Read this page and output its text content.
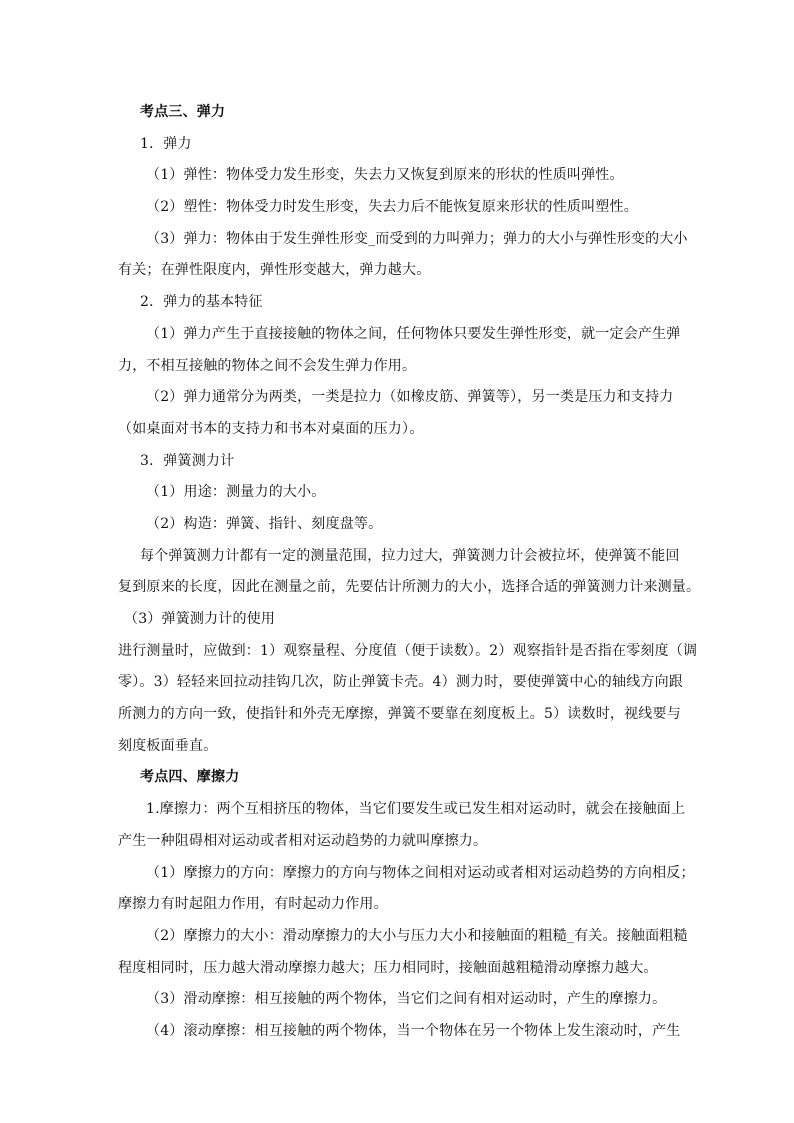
考点三、弹力
1．弹力
（1）弹性：物体受力发生形变，失去力又恢复到原来的形状的性质叫弹性。
（2）塑性：物体受力时发生形变，失去力后不能恢复原来形状的性质叫塑性。
（3）弹力：物体由于发生弹性形变_而受到的力叫弹力；弹力的大小与弹性形变的大小
有关；在弹性限度内，弹性形变越大，弹力越大。
2．弹力的基本特征
（1）弹力产生于直接接触的物体之间，任何物体只要发生弹性形变，就一定会产生弹
力，不相互接触的物体之间不会发生弹力作用。
（2）弹力通常分为两类，一类是拉力（如橡皮筋、弹簧等），另一类是压力和支持力
（如桌面对书本的支持力和书本对桌面的压力）。
3．弹簧测力计
（1）用途：测量力的大小。
（2）构造：弹簧、指针、刻度盘等。
每个弹簧测力计都有一定的测量范围，拉力过大，弹簧测力计会被拉坏，使弹簧不能回
复到原来的长度，因此在测量之前，先要估计所测力的大小，选择合适的弹簧测力计来测量。
（3）弹簧测力计的使用
进行测量时，应做到：1）观察量程、分度值（便于读数）。2）观察指针是否指在零刻度（调
零）。3）轻轻来回拉动挂钩几次，防止弹簧卡壳。4）测力时，要使弹簧中心的轴线方向跟
所测力的方向一致，使指针和外壳无摩擦，弹簧不要靠在刻度板上。5）读数时，视线要与
刻度板面垂直。
考点四、摩擦力
1.摩擦力：两个互相挤压的物体，当它们要发生或已发生相对运动时，就会在接触面上
产生一种阻碍相对运动或者相对运动趋势的力就叫摩擦力。
（1）摩擦力的方向：摩擦力的方向与物体之间相对运动或者相对运动趋势的方向相反；
摩擦力有时起阻力作用，有时起动力作用。
（2）摩擦力的大小：滑动摩擦力的大小与压力大小和接触面的粗糙_有关。接触面粗糙
程度相同时，压力越大滑动摩擦力越大；压力相同时，接触面越粗糙滑动摩擦力越大。
（3）滑动摩擦：相互接触的两个物体，当它们之间有相对运动时，产生的摩擦力。
（4）滚动摩擦：相互接触的两个物体，当一个物体在另一个物体上发生滚动时，产生
